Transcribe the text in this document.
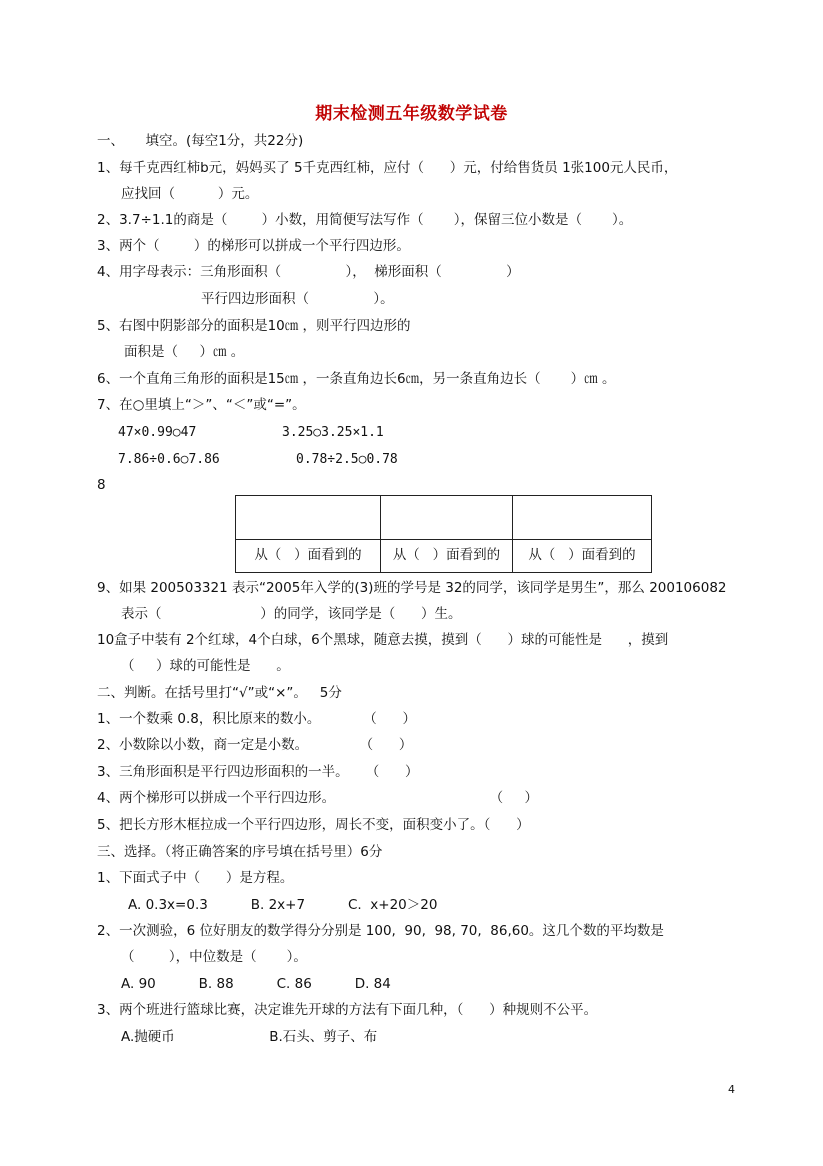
期末检测五年级数学试卷
一、     填空。(每空1分，共22分)
1、每千克西红柿b元，妈妈买了 5千克西红柿，应付（      ）元，付给售货员 1张100元人民币，
应找回（          ）元。
2、3.7÷1.1的商是（        ）小数，用简便写法写作（       ），保留三位小数是（       ）。
3、两个（        ）的梯形可以拼成一个平行四边形。
4、用字母表示：三角形面积（               ），  梯形面积（               ）
平行四边形面积（               ）。
5、右图中阴影部分的面积是10㎝ ，则平行四边形的
面积是（     ）㎝ 。
6、一个直角三角形的面积是15㎝ ，一条直角边长6㎝，另一条直角边长（       ）㎝ 。
7、在○里填上“＞”、“＜”或“=”。
47×0.99○47	3.25○3.25×1.1
7.86÷0.6○7.86	0.78÷2.5○0.78
8

从（   ）面看到的	从（   ）面看到的	从（   ）面看到的
9、如果 200503321 表示“2005年入学的(3)班的学号是 32的同学，该同学是男生”，那么 200106082
表示（                       ）的同学，该同学是（      ）生。
10盒子中装有 2个红球，4个白球，6个黑球，随意去摸，摸到（      ）球的可能性是      ，摸到
（     ）球的可能性是      。
二、判断。在括号里打“√”或“×”。   5分
1、一个数乘 0.8，积比原来的数小。          （      ）
2、小数除以小数，商一定是小数。            （      ）
3、三角形面积是平行四边形面积的一半。    （      ）
4、两个梯形可以拼成一个平行四边形。                                    （     ）
5、把长方形木框拉成一个平行四边形，周长不变，面积变小了。（      ）
三、选择。（将正确答案的序号填在括号里）6分
1、下面式子中（      ）是方程。
A. 0.3x=0.3          B. 2x+7          C.  x+20＞20
2、一次测验，6 位好朋友的数学得分分别是 100,  90,  98, 70,  86,60。这几个数的平均数是
（        ），中位数是（       ）。
A. 90          B. 88          C. 86          D. 84
3、两个班进行篮球比赛，决定谁先开球的方法有下面几种，（      ）种规则不公平。
A.抛硬币                      B.石头、剪子、布
4
